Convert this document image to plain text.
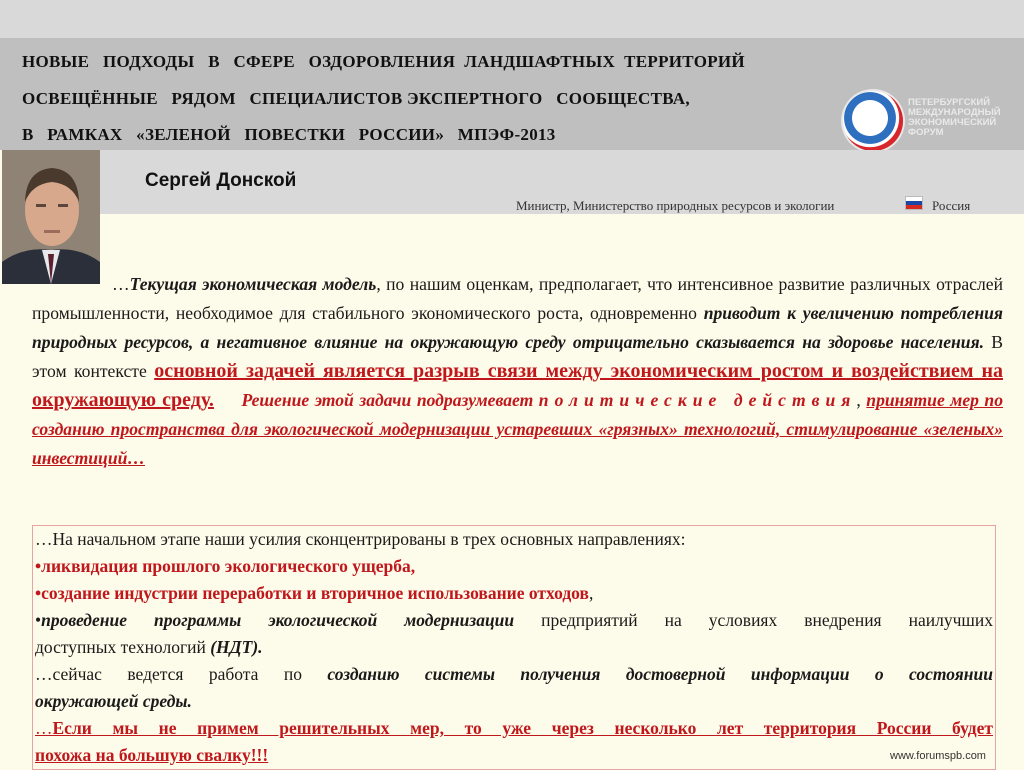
НОВЫЕ   ПОДХОДЫ   В   СФЕРЕ   ОЗДОРОВЛЕНИЯ  ЛАНДШАФТНЫХ  ТЕРРИТОРИЙ
ОСВЕЩЁННЫЕ   РЯДОМ   СПЕЦИАЛИСТОВ ЭКСПЕРТНОГО   СООБЩЕСТВА,
В   РАМКАХ   «ЗЕЛЕНОЙ   ПОВЕСТКИ   РОССИИ»   МПЭФ-2013
ПЕТЕРБУРГСКИЙ МЕЖДУНАРОДНЫЙ ЭКОНОМИЧЕСКИЙ ФОРУМ
Сергей Донской
Министр, Министерство природных ресурсов и экологии	Россия
…Текущая экономическая модель, по нашим оценкам, предполагает, что интенсивное развитие различных отраслей промышленности, необходимое для стабильного экономического роста, одновременно приводит к увеличению потребления природных ресурсов, а негативное влияние на окружающую среду отрицательно сказывается на здоровье населения. В этом контексте основной задачей является разрыв связи между экономическим ростом и воздействием на окружающую среду. Решение этой задачи подразумевает политические действия, принятие мер по созданию пространства для экологической модернизации устаревших «грязных» технологий, стимулирование «зеленых» инвестиций…
…На начальном этапе наши усилия сконцентрированы в трех основных направлениях:
•ликвидация прошлого экологического ущерба,
•создание индустрии переработки и вторичное использование отходов,
•проведение программы экологической модернизации предприятий на условиях внедрения наилучших
доступных технологий (НДТ).
…сейчас ведется работа по созданию системы получения достоверной информации о состоянии
окружающей среды.
…Если мы не примем решительных мер, то уже через несколько лет территория России будет
похожа на большую свалку!!!	www.forumspb.com
